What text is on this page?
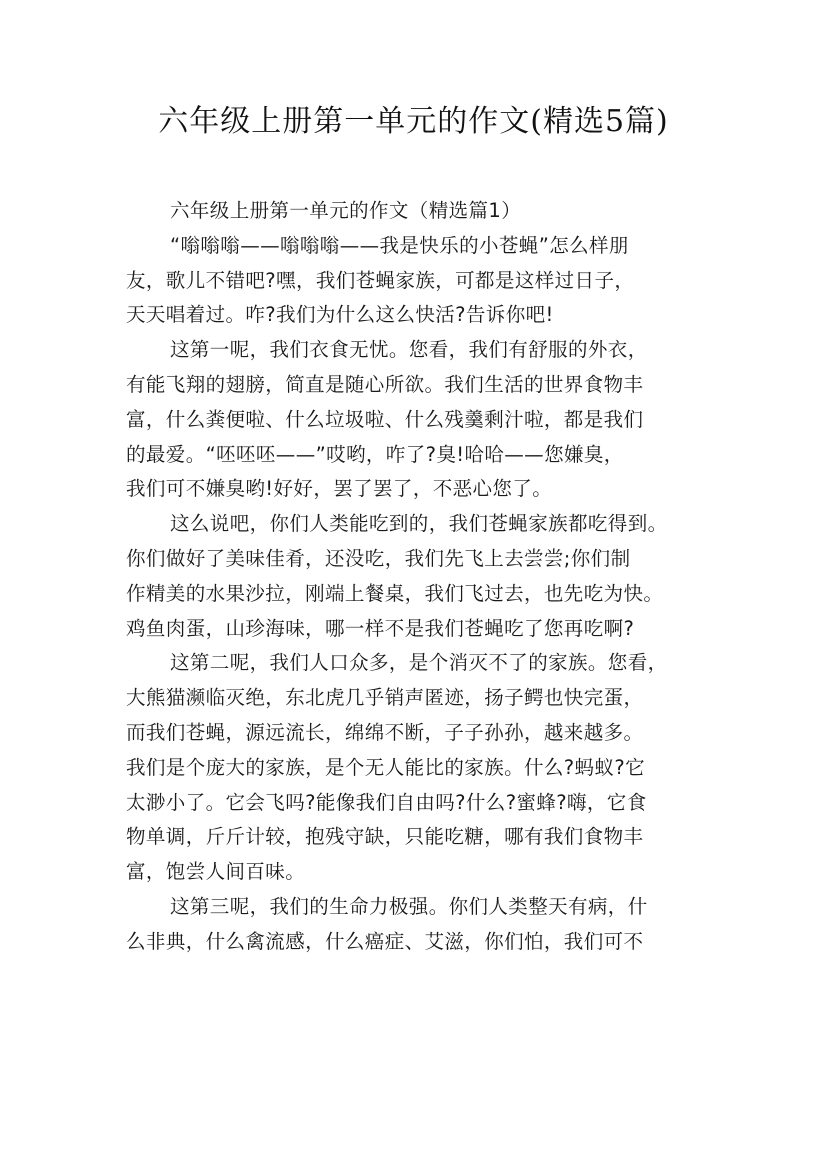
六年级上册第一单元的作文(精选5篇)
六年级上册第一单元的作文（精选篇1）
“嗡嗡嗡——嗡嗡嗡——我是快乐的小苍蝇”怎么样朋
友，歌儿不错吧?嘿，我们苍蝇家族，可都是这样过日子，
天天唱着过。咋?我们为什么这么快活?告诉你吧!
这第一呢，我们衣食无忧。您看，我们有舒服的外衣，
有能飞翔的翅膀，简直是随心所欲。我们生活的世界食物丰
富，什么粪便啦、什么垃圾啦、什么残羹剩汁啦，都是我们
的最爱。“呸呸呸——”哎哟，咋了?臭!哈哈——您嫌臭，
我们可不嫌臭哟!好好，罢了罢了，不恶心您了。
这么说吧，你们人类能吃到的，我们苍蝇家族都吃得到。
你们做好了美味佳肴，还没吃，我们先飞上去尝尝;你们制
作精美的水果沙拉，刚端上餐桌，我们飞过去，也先吃为快。
鸡鱼肉蛋，山珍海味，哪一样不是我们苍蝇吃了您再吃啊?
这第二呢，我们人口众多，是个消灭不了的家族。您看，
大熊猫濒临灭绝，东北虎几乎销声匿迹，扬子鳄也快完蛋，
而我们苍蝇，源远流长，绵绵不断，子子孙孙，越来越多。
我们是个庞大的家族，是个无人能比的家族。什么?蚂蚁?它
太渺小了。它会飞吗?能像我们自由吗?什么?蜜蜂?嗨，它食
物单调，斤斤计较，抱残守缺，只能吃糖，哪有我们食物丰
富，饱尝人间百味。
这第三呢，我们的生命力极强。你们人类整天有病，什
么非典，什么禽流感，什么癌症、艾滋，你们怕，我们可不
